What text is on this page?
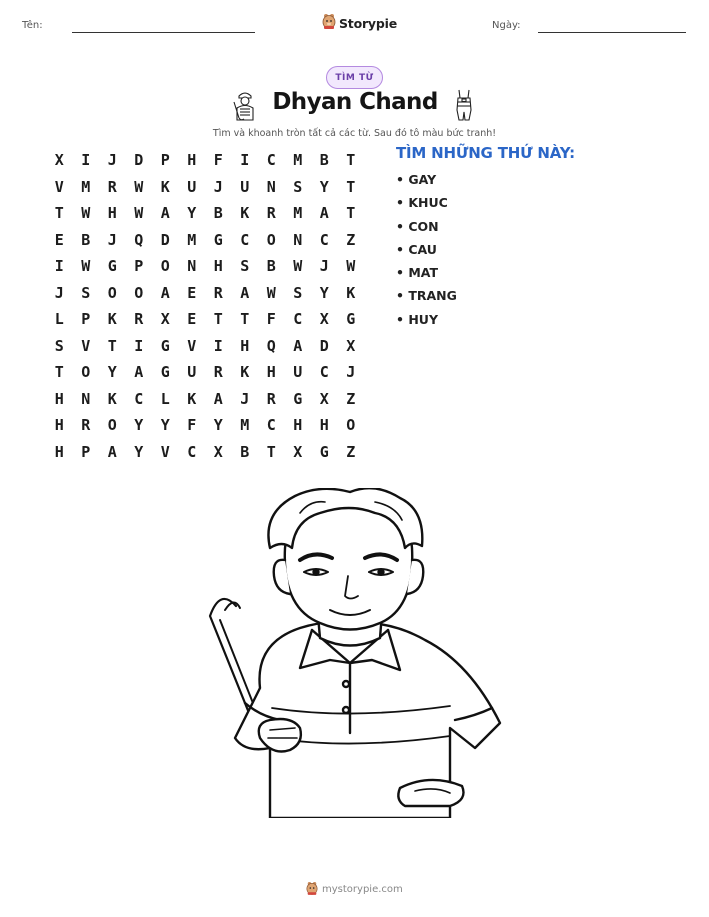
Tên:	Storypie	Ngày:
TÌM TỪ
Dhyan Chand
Tìm và khoanh tròn tất cả các từ. Sau đó tô màu bức tranh!
X	I	J	D	P	H	F	I	C	M	B	T
V	M	R	W	K	U	J	U	N	S	Y	T
T	W	H	W	A	Y	B	K	R	M	A	T
E	B	J	Q	D	M	G	C	O	N	C	Z
I	W	G	P	O	N	H	S	B	W	J	W
J	S	O	O	A	E	R	A	W	S	Y	K
L	P	K	R	X	E	T	T	F	C	X	G
S	V	T	I	G	V	I	H	Q	A	D	X
T	O	Y	A	G	U	R	K	H	U	C	J
H	N	K	C	L	K	A	J	R	G	X	Z
H	R	O	Y	Y	F	Y	M	C	H	H	O
H	P	A	Y	V	C	X	B	T	X	G	Z
TÌM NHỮNG THỨ NÀY:
• GAY
• KHUC
• CON
• CAU
• MAT
• TRANG
• HUY
mystorypie.com
